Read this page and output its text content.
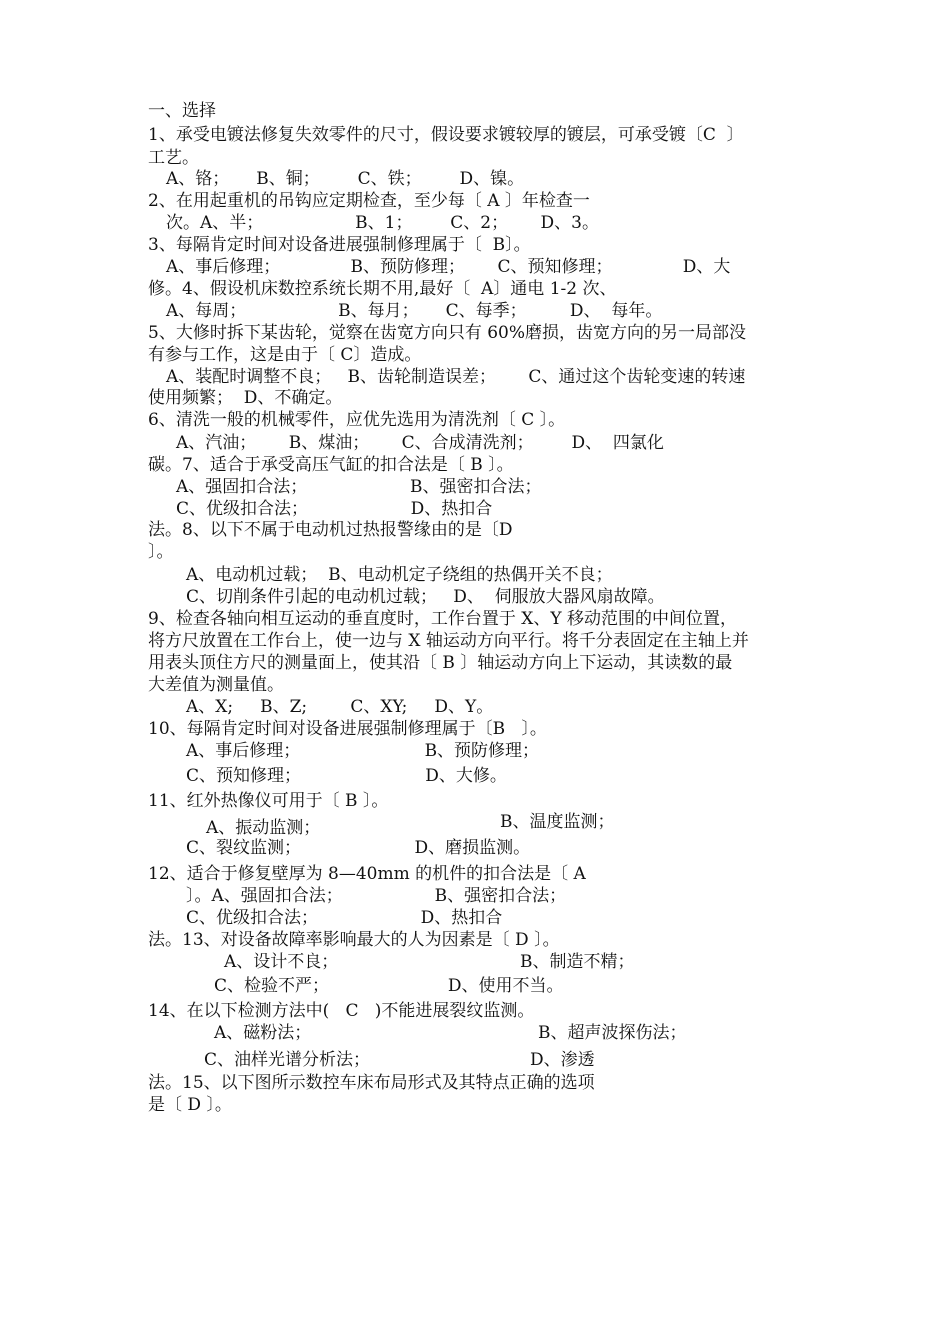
一、选择
1、承受电镀法修复失效零件的尺寸，假设要求镀较厚的镀层，可承受镀〔C  〕
工艺。
A、铬；     B、铜；       C、铁；       D、镍。
2、在用起重机的吊钩应定期检查，至少每〔 A 〕年检查一
次。A、半；                 B、1；       C、2；      D、3。
3、每隔肯定时间对设备进展强制修理属于〔  B〕。
A、事后修理；             B、预防修理；      C、预知修理；             D、大
修。4、假设机床数控系统长期不用,最好〔  A〕通电 1-2 次、
A、每周；                 B、每月；     C、每季；        D、  每年。
5、大修时拆下某齿轮，觉察在齿宽方向只有 60%磨损，齿宽方向的另一局部没
有参与工作，这是由于〔 C〕造成。
A、装配时调整不良；   B、齿轮制造误差；      C、通过这个齿轮变速的转速
使用频繁；  D、不确定。
6、清洗一般的机械零件，应优先选用为清洗剂〔 C 〕。
A、汽油；      B、煤油；      C、合成清洗剂；       D、  四氯化
碳。7、适合于承受高压气缸的扣合法是〔 B 〕。
A、强固扣合法；                   B、强密扣合法；
C、优级扣合法；                   D、热扣合
法。8、以下不属于电动机过热报警缘由的是〔D
〕。
A、电动机过载；  B、电动机定子绕组的热偶开关不良；
C、切削条件引起的电动机过载；   D、  伺服放大器风扇故障。
9、检查各轴向相互运动的垂直度时，工作台置于 X、Y 移动范围的中间位置，
将方尺放置在工作台上，使一边与 X 轴运动方向平行。将千分表固定在主轴上并
用表头顶住方尺的测量面上，使其沿〔 B 〕轴运动方向上下运动，其读数的最
大差值为测量值。
A、X;     B、Z;        C、XY;     D、Y。
10、每隔肯定时间对设备进展强制修理属于〔B   〕。
A、事后修理；                       B、预防修理；
C、预知修理；                       D、大修。
11、红外热像仪可用于〔 B 〕。
A、振动监测；	B、温度监测；
C、裂纹监测；                     D、磨损监测。
12、适合于修复壁厚为 8—40mm 的机件的扣合法是〔 A
〕。A、强固扣合法；                 B、强密扣合法；
C、优级扣合法；                   D、热扣合
法。13、对设备故障率影响最大的人为因素是〔 D 〕。
A、设计不良；	B、制造不精；
C、检验不严；                      D、使用不当。
14、在以下检测方法中(   C   )不能进展裂纹监测。
A、磁粉法；	B、超声波探伤法；
C、油样光谱分析法；	D、渗透
法。15、以下图所示数控车床布局形式及其特点正确的选项
是〔 D 〕。
